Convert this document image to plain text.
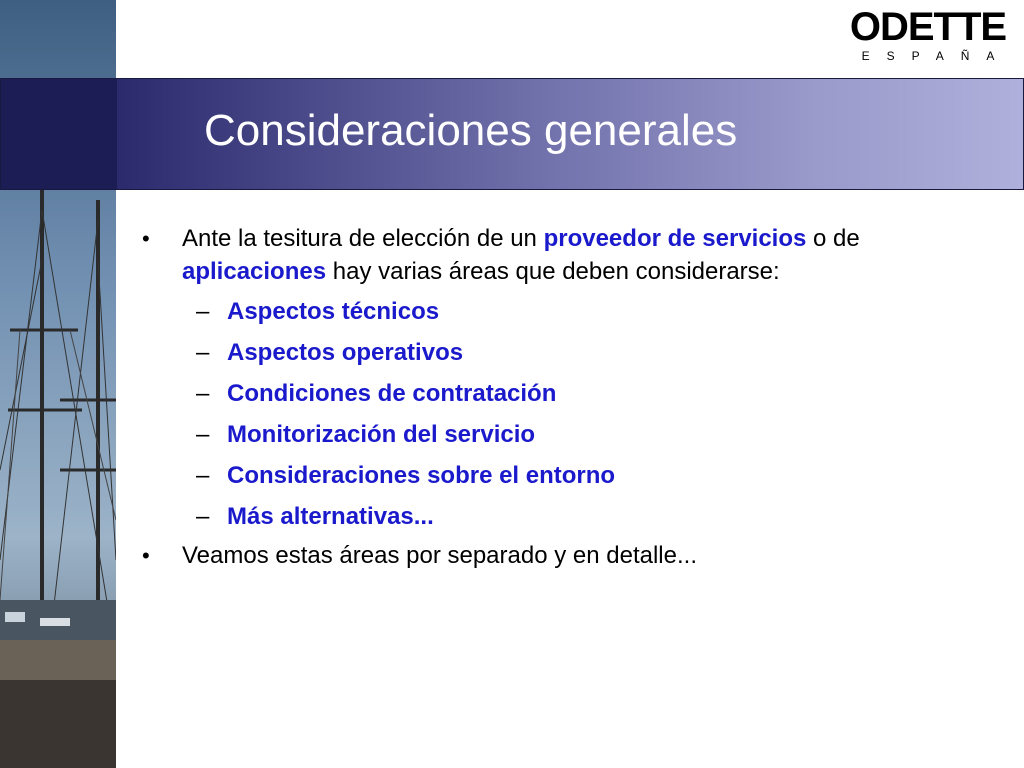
ODETTE
ESPAÑA
Consideraciones generales
• Ante la tesitura de elección de un proveedor de servicios o de aplicaciones hay varias áreas que deben considerarse:
– Aspectos técnicos
– Aspectos operativos
– Condiciones de contratación
– Monitorización del servicio
– Consideraciones sobre el entorno
– Más alternativas...
• Veamos estas áreas por separado y en detalle...
